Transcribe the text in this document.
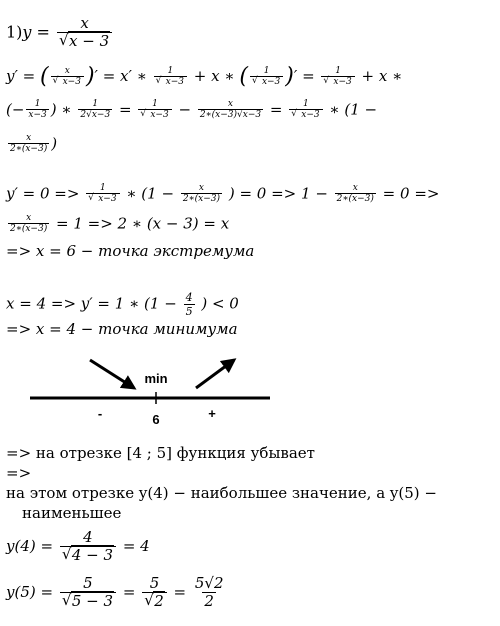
1)y = x
√ x − 3
y′ = ( x
√ x−3 )′ = x′ ∗ 1
√ x−3 + x ∗ ( 1
√ x−3 )′ = 1
√ x−3 + x ∗
(− $\frac{1}{x-3}$ ) ∗ $\frac{1}{2√x-3} = 1$
√ $x-3 - \frac{x}{2∗(x-3)√x-3} = 1$
√ x−3 ∗ (1 −
$\frac{x}{2∗(x-3)}$ )
y′ = 0 => 1
√ x−3 ∗ ($1 - \frac{x}{2∗(x-3)}$ ) = $0 => 1 - \frac{x}{2∗(x-3)} = 0$ =>
$\frac{x}{2∗(x-3)} = 1 => 2$ ∗ (x − 3) = x
=> x = 6 − точка экстремума
x = 4 => y′ = 1 ∗ ($1 - \frac{4}{5}$ ) < 0
=> x = 4 − точка минимума
min
-	6	+
=> на отрезке [4 ; 5] функция убывает
=>
на этом отрезке y(4) − наибольшее значение, а y(5) −
наименьшее
y(4) = 4
√ 4 − 3 = 4
y(5) = 5
√ 5 − 3 = 5
√ $2 = \frac{5√2}{2}$
